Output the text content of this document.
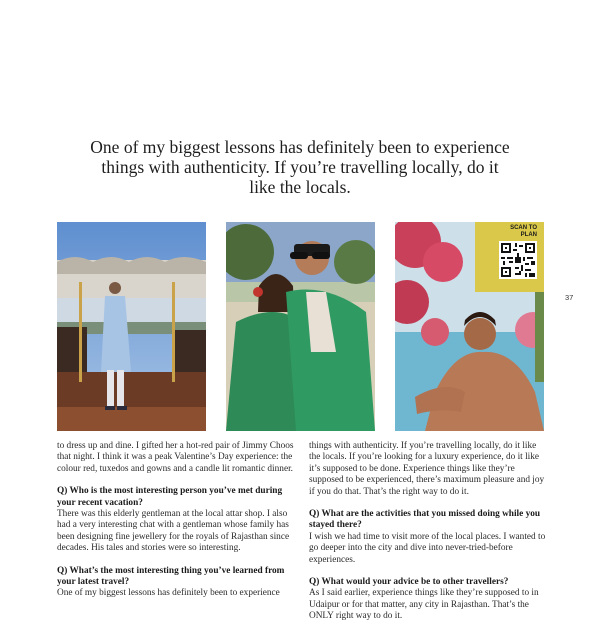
One of my biggest lessons has definitely been to experience things with authenticity. If you’re travelling locally, do it like the locals.
SCAN TO
PLAN
37

to dress up and dine. I gifted her a hot-red pair of Jimmy Choos that night. I think it was a peak Valentine’s Day experience: the colour red, tuxedos and gowns and a candle lit romantic dinner.

Q) Who is the most interesting person you’ve met during your recent vacation?
There was this elderly gentleman at the local attar shop. I also had a very interesting chat with a gentleman whose family has been designing fine jewellery for the royals of Rajasthan since decades. His tales and stories were so interesting.

Q) What’s the most interesting thing you’ve learned from your latest travel?
One of my biggest lessons has definitely been to experience

things with authenticity. If you’re travelling locally, do it like the locals. If you’re looking for a luxury experience, do it like it’s supposed to be done. Experience things like they’re supposed to be experienced, there’s maximum pleasure and joy if you do that. That’s the right way to do it.

Q) What are the activities that you missed doing while you stayed there?
I wish we had time to visit more of the local places. I wanted to go deeper into the city and dive into never-tried-before experiences.

Q) What would your advice be to other travellers?
As I said earlier, experience things like they’re supposed to in Udaipur or for that matter, any city in Rajasthan. That’s the ONLY right way to do it.
